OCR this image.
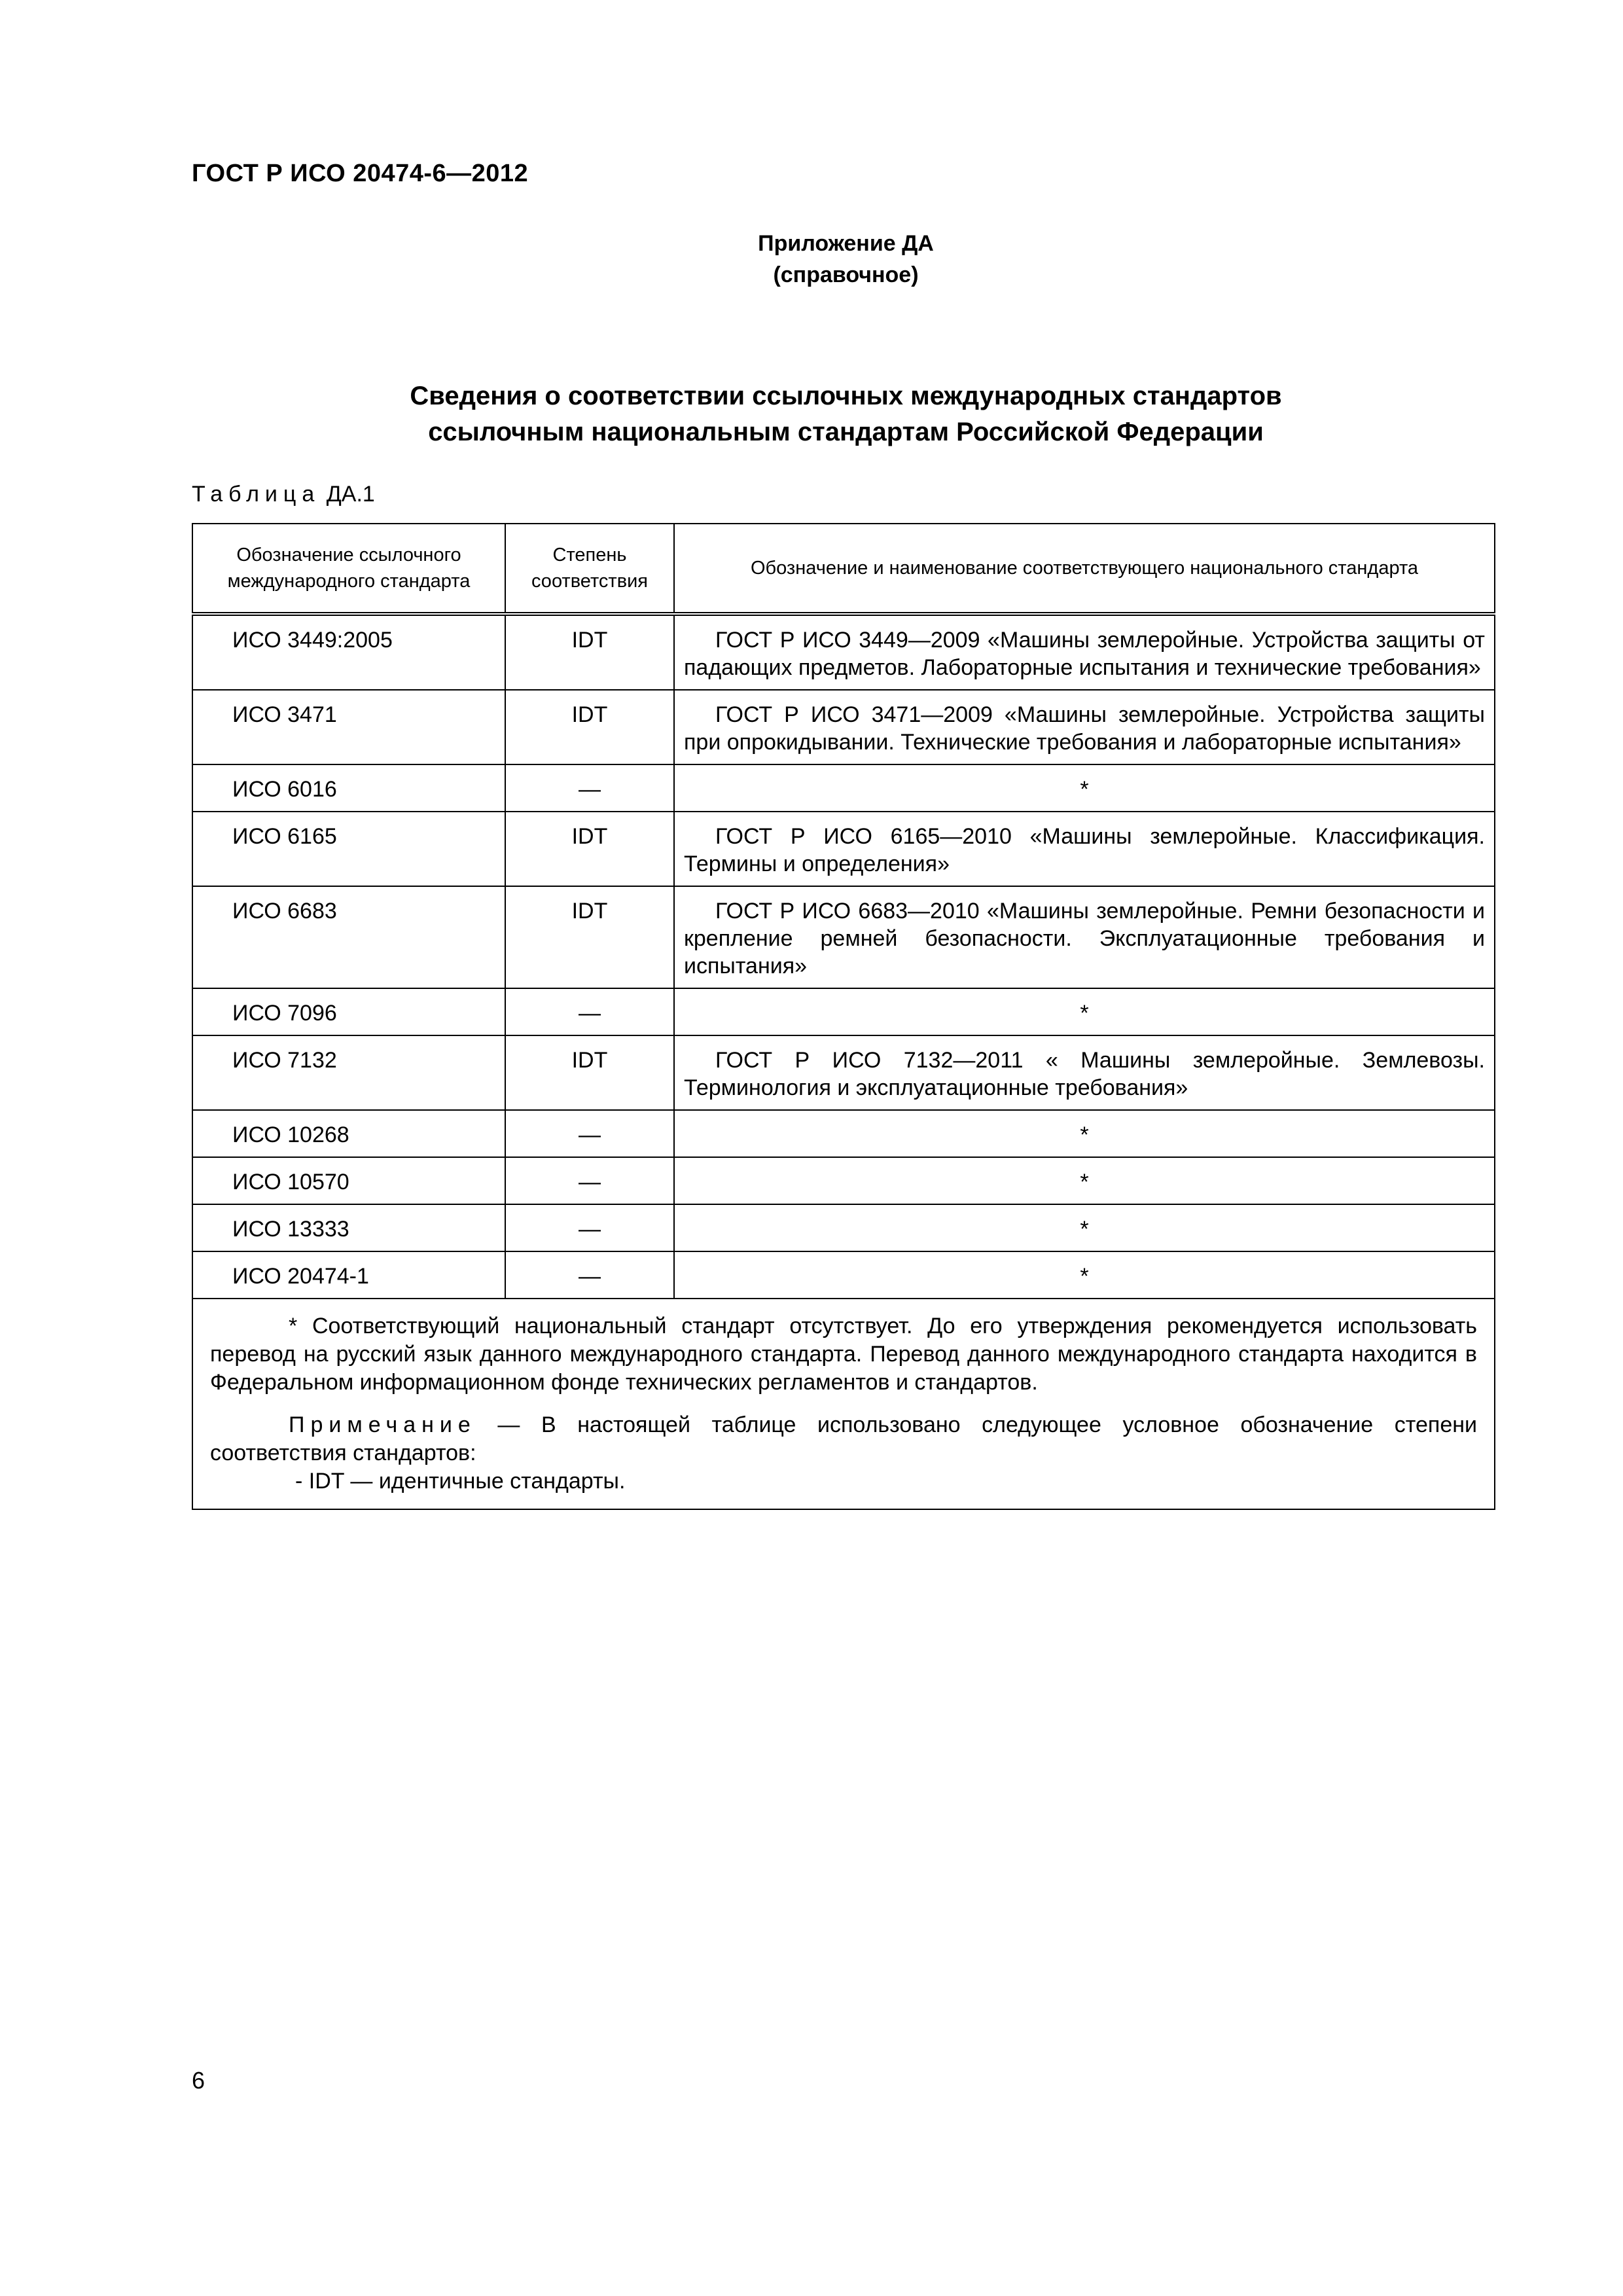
ГОСТ Р ИСО 20474-6—2012
Приложение ДА
(справочное)
Сведения о соответствии ссылочных международных стандартов
ссылочным национальным стандартам Российской Федерации
Таблица ДА.1
Обозначение ссылочного международного стандарта	Степень соответствия	Обозначение и наименование соответствующего национального стандарта
ИСО 3449:2005	IDT	ГОСТ Р ИСО 3449—2009 «Машины землеройные. Устройства защиты от падающих предметов. Лабораторные испытания и технические требования»
ИСО 3471	IDT	ГОСТ Р ИСО 3471—2009 «Машины землеройные. Устройства защиты при опрокидывании. Технические требования и лабораторные испытания»
ИСО 6016	—	*
ИСО 6165	IDT	ГОСТ Р ИСО 6165—2010 «Машины землеройные. Классификация. Термины и определения»
ИСО 6683	IDT	ГОСТ Р ИСО 6683—2010 «Машины землеройные. Ремни безопасности и крепление ремней безопасности. Эксплуатационные требования и испытания»
ИСО 7096	—	*
ИСО 7132	IDT	ГОСТ Р ИСО 7132—2011 « Машины землеройные. Землевозы. Терминология и эксплуатационные требования»
ИСО 10268	—	*
ИСО 10570	—	*
ИСО 13333	—	*
ИСО 20474-1	—	*

* Соответствующий национальный стандарт отсутствует. До его утверждения рекомендуется использовать перевод на русский язык данного международного стандарта. Перевод данного международного стандарта находится в Федеральном информационном фонде технических регламентов и стандартов.

Примечание — В настоящей таблице использовано следующее условное обозначение степени соответствия стандартов:

- IDT — идентичные стандарты.		

6
